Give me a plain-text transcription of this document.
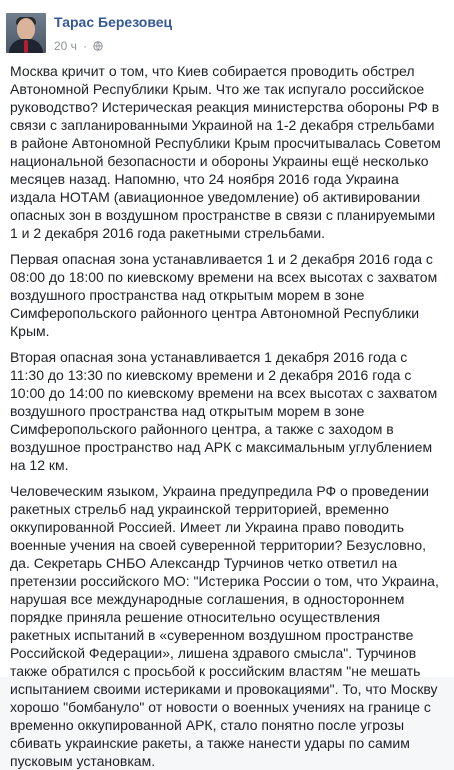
Тарас Березовец
20 ч ·

Москва кричит о том, что Киев собирается проводить обстрел Автономной Республики Крым. Что же так испугало российское руководство? Истерическая реакция министерства обороны РФ в связи с запланированными Украиной на 1-2 декабря стрельбами в районе Автономной Республики Крым просчитывалась Советом национальной безопасности и обороны Украины ещё несколько месяцев назад. Напомню, что 24 ноября 2016 года Украина издала НОТАМ (авиационное уведомление) об активировании опасных зон в воздушном пространстве в связи с планируемыми 1 и 2 декабря 2016 года ракетными стрельбами.

Первая опасная зона устанавливается 1 и 2 декабря 2016 года с 08:00 до 18:00 по киевскому времени на всех высотах с захватом воздушного пространства над открытым морем в зоне Симферопольского районного центра Автономной Республики Крым.

Вторая опасная зона устанавливается 1 декабря 2016 года с 11:30 до 13:30 по киевскому времени и 2 декабря 2016 года с 10:00 до 14:00 по киевскому времени на всех высотах с захватом воздушного пространства над открытым морем в зоне Симферопольского районного центра, а также с заходом в воздушное пространство над АРК с максимальным углублением на 12 км.

Человеческим языком, Украина предупредила РФ о проведении ракетных стрельб над украинской территорией, временно оккупированной Россией. Имеет ли Украина право поводить военные учения на своей суверенной территории? Безусловно, да. Секретарь СНБО Александр Турчинов четко ответил на претензии российского МО: "Истерика России о том, что Украина, нарушая все международные соглашения, в одностороннем порядке приняла решение относительно осуществления ракетных испытаний в «суверенном воздушном пространстве Российской Федерации», лишена здравого смысла". Турчинов также обратился с просьбой к российским властям "не мешать испытанием своими истериками и провокациями". То, что Москву хорошо "бомбануло" от новости о военных учениях на границе с временно оккупированной АРК, стало понятно после угрозы сбивать украинские ракеты, а также нанести удары по самим пусковым установкам.
